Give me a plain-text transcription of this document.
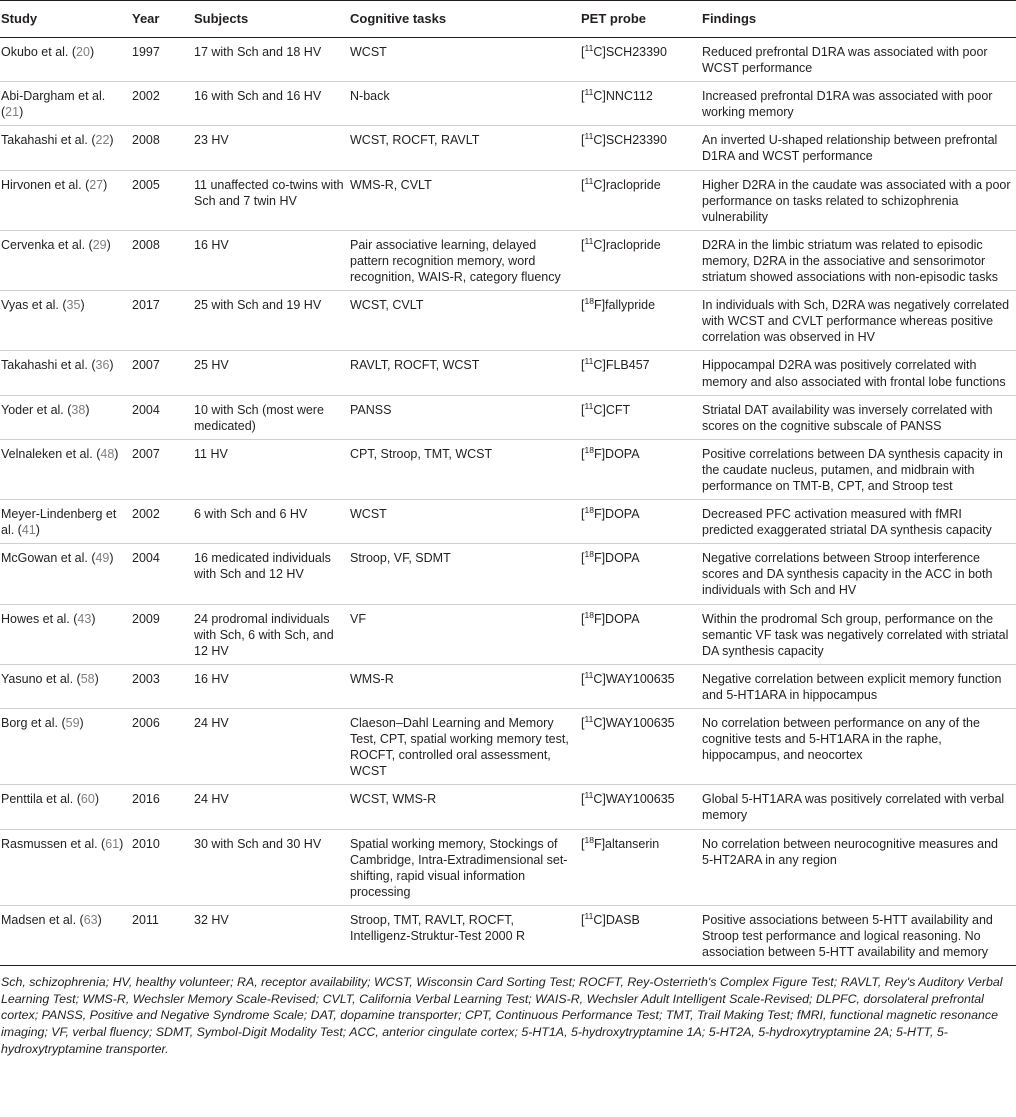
Study	Year	Subjects	Cognitive tasks	PET probe	Findings
Okubo et al. (20)	1997	17 with Sch and 18 HV	WCST	[$^{11}$C]SCH23390	Reduced prefrontal D1RA was associated with poor WCST performance
Abi-Dargham et al. (21)	2002	16 with Sch and 16 HV	N-back	[$^{11}$C]NNC112	Increased prefrontal D1RA was associated with poor working memory
Takahashi et al. (22)	2008	23 HV	WCST, ROCFT, RAVLT	[$^{11}$C]SCH23390	An inverted U-shaped relationship between prefrontal D1RA and WCST performance
Hirvonen et al. (27)	2005	11 unaffected co-twins with Sch and 7 twin HV	WMS-R, CVLT	[$^{11}$C]raclopride	Higher D2RA in the caudate was associated with a poor performance on tasks related to schizophrenia vulnerability
Cervenka et al. (29)	2008	16 HV	Pair associative learning, delayed pattern recognition memory, word recognition, WAIS-R, category fluency	[$^{11}$C]raclopride	D2RA in the limbic striatum was related to episodic memory, D2RA in the associative and sensorimotor striatum showed associations with non-episodic tasks
Vyas et al. (35)	2017	25 with Sch and 19 HV	WCST, CVLT	[$^{18}$F]fallypride	In individuals with Sch, D2RA was negatively correlated with WCST and CVLT performance whereas positive correlation was observed in HV
Takahashi et al. (36)	2007	25 HV	RAVLT, ROCFT, WCST	[$^{11}$C]FLB457	Hippocampal D2RA was positively correlated with memory and also associated with frontal lobe functions
Yoder et al. (38)	2004	10 with Sch (most were medicated)	PANSS	[$^{11}$C]CFT	Striatal DAT availability was inversely correlated with scores on the cognitive subscale of PANSS
Velnaleken et al. (48)	2007	11 HV	CPT, Stroop, TMT, WCST	[$^{18}$F]DOPA	Positive correlations between DA synthesis capacity in the caudate nucleus, putamen, and midbrain with performance on TMT-B, CPT, and Stroop test
Meyer-Lindenberg et al. (41)	2002	6 with Sch and 6 HV	WCST	[$^{18}$F]DOPA	Decreased PFC activation measured with fMRI predicted exaggerated striatal DA synthesis capacity
McGowan et al. (49)	2004	16 medicated individuals with Sch and 12 HV	Stroop, VF, SDMT	[$^{18}$F]DOPA	Negative correlations between Stroop interference scores and DA synthesis capacity in the ACC in both individuals with Sch and HV
Howes et al. (43)	2009	24 prodromal individuals with Sch, 6 with Sch, and 12 HV	VF	[$^{18}$F]DOPA	Within the prodromal Sch group, performance on the semantic VF task was negatively correlated with striatal DA synthesis capacity
Yasuno et al. (58)	2003	16 HV	WMS-R	[$^{11}$C]WAY100635	Negative correlation between explicit memory function and 5-HT1ARA in hippocampus
Borg et al. (59)	2006	24 HV	Claeson–Dahl Learning and Memory Test, CPT, spatial working memory test, ROCFT, controlled oral assessment, WCST	[$^{11}$C]WAY100635	No correlation between performance on any of the cognitive tests and 5-HT1ARA in the raphe, hippocampus, and neocortex
Penttila et al. (60)	2016	24 HV	WCST, WMS-R	[$^{11}$C]WAY100635	Global 5-HT1ARA was positively correlated with verbal memory
Rasmussen et al. (61)	2010	30 with Sch and 30 HV	Spatial working memory, Stockings of Cambridge, Intra-Extradimensional set-shifting, rapid visual information processing	[$^{18}$F]altanserin	No correlation between neurocognitive measures and 5-HT2ARA in any region
Madsen et al. (63)	2011	32 HV	Stroop, TMT, RAVLT, ROCFT, Intelligenz-Struktur-Test 2000 R	[$^{11}$C]DASB	Positive associations between 5-HTT availability and Stroop test performance and logical reasoning. No association between 5-HTT availability and memory
Sch, schizophrenia; HV, healthy volunteer; RA, receptor availability; WCST, Wisconsin Card Sorting Test; ROCFT, Rey-Osterrieth's Complex Figure Test; RAVLT, Rey's Auditory Verbal Learning Test; WMS-R, Wechsler Memory Scale-Revised; CVLT, California Verbal Learning Test; WAIS-R, Wechsler Adult Intelligent Scale-Revised; DLPFC, dorsolateral prefrontal cortex; PANSS, Positive and Negative Syndrome Scale; DAT, dopamine transporter; CPT, Continuous Performance Test; TMT, Trail Making Test; fMRI, functional magnetic resonance imaging; VF, verbal fluency; SDMT, Symbol-Digit Modality Test; ACC, anterior cingulate cortex; 5-HT1A, 5-hydroxytryptamine 1A; 5-HT2A, 5-hydroxytryptamine 2A; 5-HTT, 5-hydroxytryptamine transporter.
